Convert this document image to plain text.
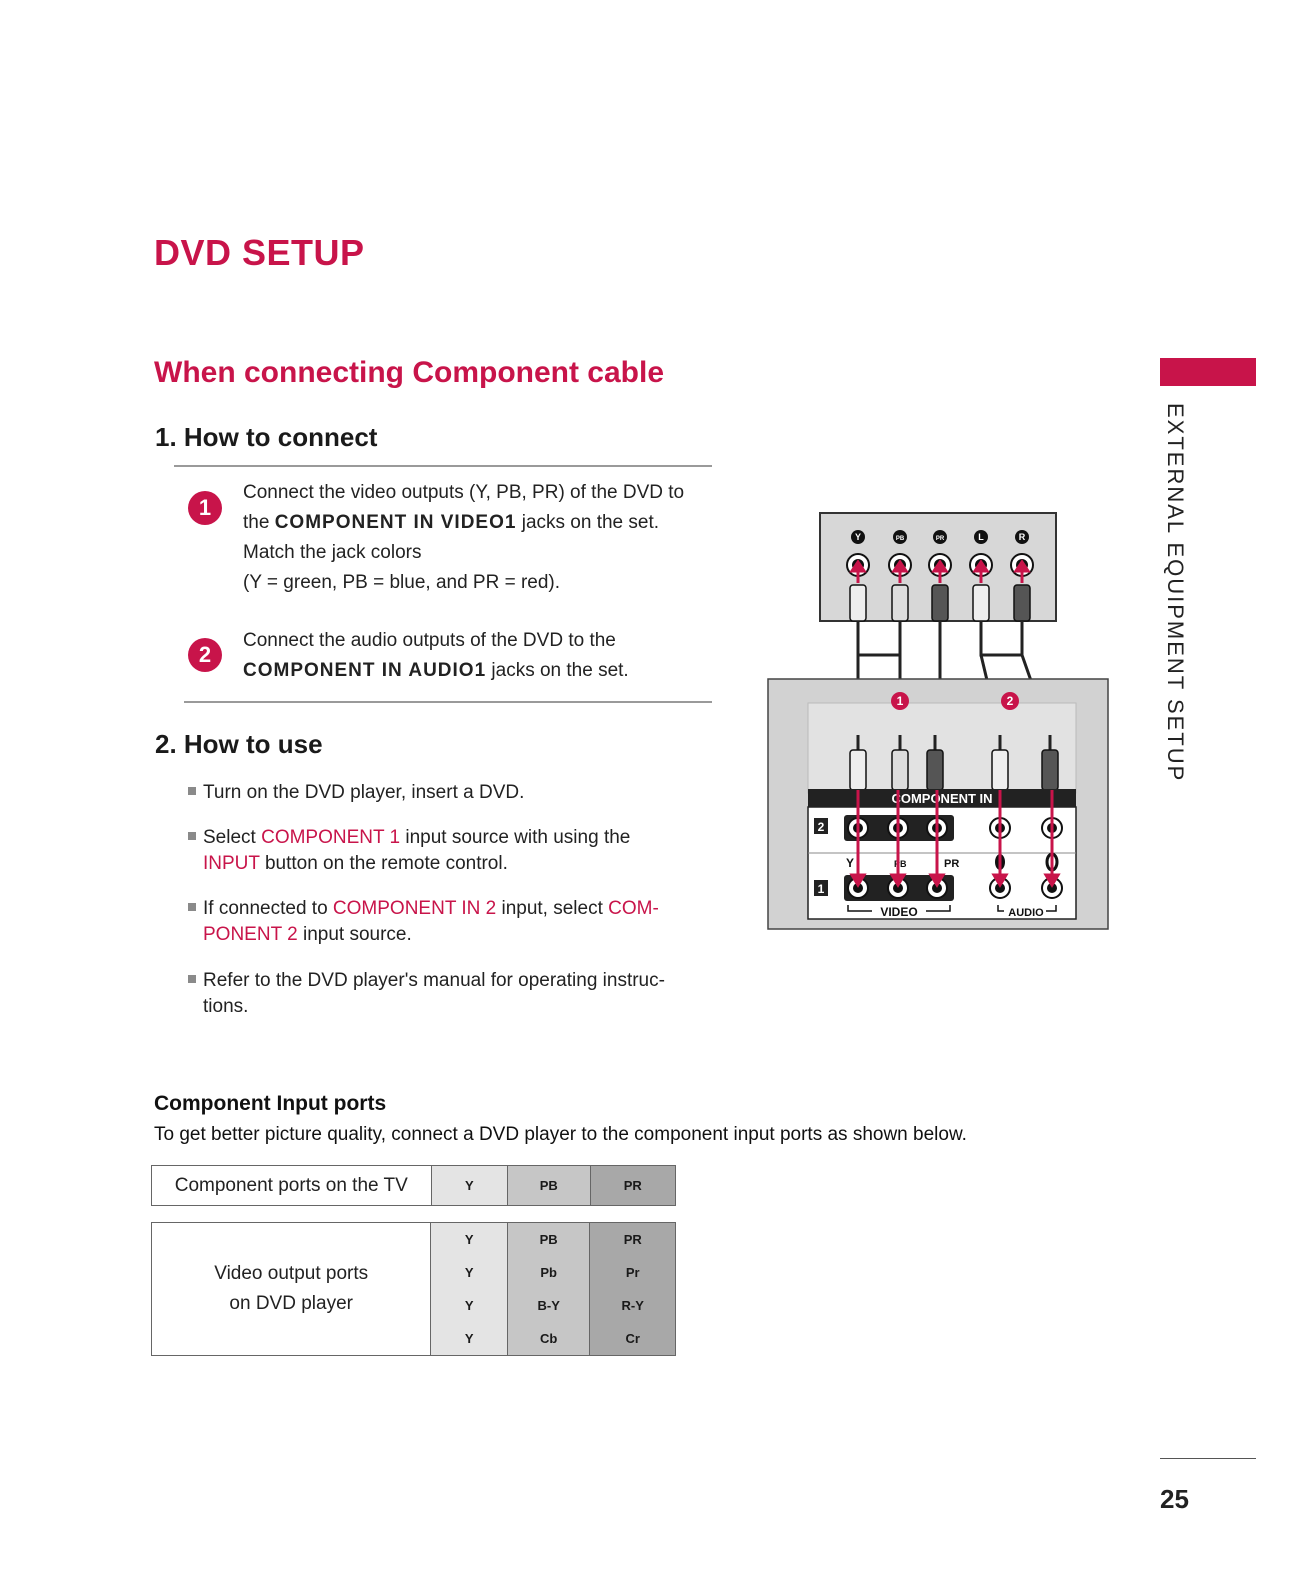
DVD SETUP
When connecting Component cable
EXTERNAL EQUIPMENT SETUP
1. How to connect
1
Connect the video outputs (Y, PB, PR) of the DVD to
the COMPONENT IN VIDEO1 jacks on the set.
Match the jack colors
(Y = green, PB = blue, and PR = red).
2
Connect the audio outputs of the DVD to the
COMPONENT IN AUDIO1 jacks on the set.
2. How to use
Turn on the DVD player, insert a DVD.
Select COMPONENT 1 input source with using the
INPUT button on the remote control.
If connected to COMPONENT IN 2 input, select COM-
PONENT 2 input source.
Refer to the DVD player's manual for operating instruc-
tions.
Y	PB	PR	L	R
1	2
COMPONENT IN
2
Y	PB	PR
1
VIDEO	AUDIO
Component Input ports
To get better picture quality, connect a DVD player to the component input ports as shown below.
Component ports on the TV	Y	PB	PR
Video output ports
on DVD player	Y	PB	PR
	Y	Pb	Pr
	Y	B-Y	R-Y
	Y	Cb	Cr
25
